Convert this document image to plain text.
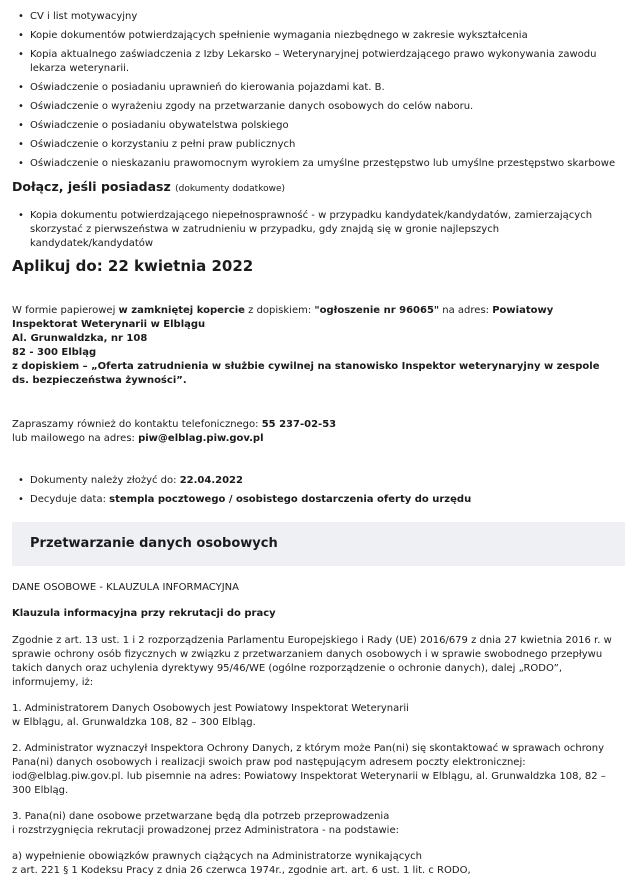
• CV i list motywacyjny
• Kopie dokumentów potwierdzających spełnienie wymagania niezbędnego w zakresie wykształcenia
• Kopia aktualnego zaświadczenia z Izby Lekarsko – Weterynaryjnej potwierdzającego prawo wykonywania zawodu lekarza weterynarii.
• Oświadczenie o posiadaniu uprawnień do kierowania pojazdami kat. B.
• Oświadczenie o wyrażeniu zgody na przetwarzanie danych osobowych do celów naboru.
• Oświadczenie o posiadaniu obywatelstwa polskiego
• Oświadczenie o korzystaniu z pełni praw publicznych
• Oświadczenie o nieskazaniu prawomocnym wyrokiem za umyślne przestępstwo lub umyślne przestępstwo skarbowe
Dołącz, jeśli posiadasz (dokumenty dodatkowe)
• Kopia dokumentu potwierdzającego niepełnosprawność - w przypadku kandydatek/kandydatów, zamierzających skorzystać z pierwszeństwa w zatrudnieniu w przypadku, gdy znajdą się w gronie najlepszych kandydatek/kandydatów
Aplikuj do: 22 kwietnia 2022

W formie papierowej w zamkniętej kopercie z dopiskiem: "ogłoszenie nr 96065" na adres: Powiatowy Inspektorat Weterynarii w Elblągu
Al. Grunwaldzka, nr 108
82 - 300 Elbląg
z dopiskiem – „Oferta zatrudnienia w służbie cywilnej na stanowisko Inspektor weterynaryjny w zespole ds. bezpieczeństwa żywności”.

Zapraszamy również do kontaktu telefonicznego: 55 237-02-53
lub mailowego na adres: piw@elblag.piw.gov.pl

• Dokumenty należy złożyć do: 22.04.2022
• Decyduje data: stempla pocztowego / osobistego dostarczenia oferty do urzędu
Przetwarzanie danych osobowych

DANE OSOBOWE - KLAUZULA INFORMACYJNA

Klauzula informacyjna przy rekrutacji do pracy

Zgodnie z art. 13 ust. 1 i 2 rozporządzenia Parlamentu Europejskiego i Rady (UE) 2016/679 z dnia 27 kwietnia 2016 r. w sprawie ochrony osób fizycznych w związku z przetwarzaniem danych osobowych i w sprawie swobodnego przepływu takich danych oraz uchylenia dyrektywy 95/46/WE (ogólne rozporządzenie o ochronie danych), dalej „RODO”, informujemy, iż:

1. Administratorem Danych Osobowych jest Powiatowy Inspektorat Weterynarii
w Elblągu, al. Grunwaldzka 108, 82 – 300 Elbląg.

2. Administrator wyznaczył Inspektora Ochrony Danych, z którym może Pan(ni) się skontaktować w sprawach ochrony Pana(ni) danych osobowych i realizacji swoich praw pod następującym adresem poczty elektronicznej: iod@elblag.piw.gov.pl. lub pisemnie na adres: Powiatowy Inspektorat Weterynarii w Elblągu, al. Grunwaldzka 108, 82 – 300 Elbląg.

3. Pana(ni) dane osobowe przetwarzane będą dla potrzeb przeprowadzenia
i rozstrzygnięcia rekrutacji prowadzonej przez Administratora - na podstawie:

a) wypełnienie obowiązków prawnych ciążących na Administratorze wynikających
z art. 221 § 1 Kodeksu Pracy z dnia 26 czerwca 1974r., zgodnie art. art. 6 ust. 1 lit. c RODO,
